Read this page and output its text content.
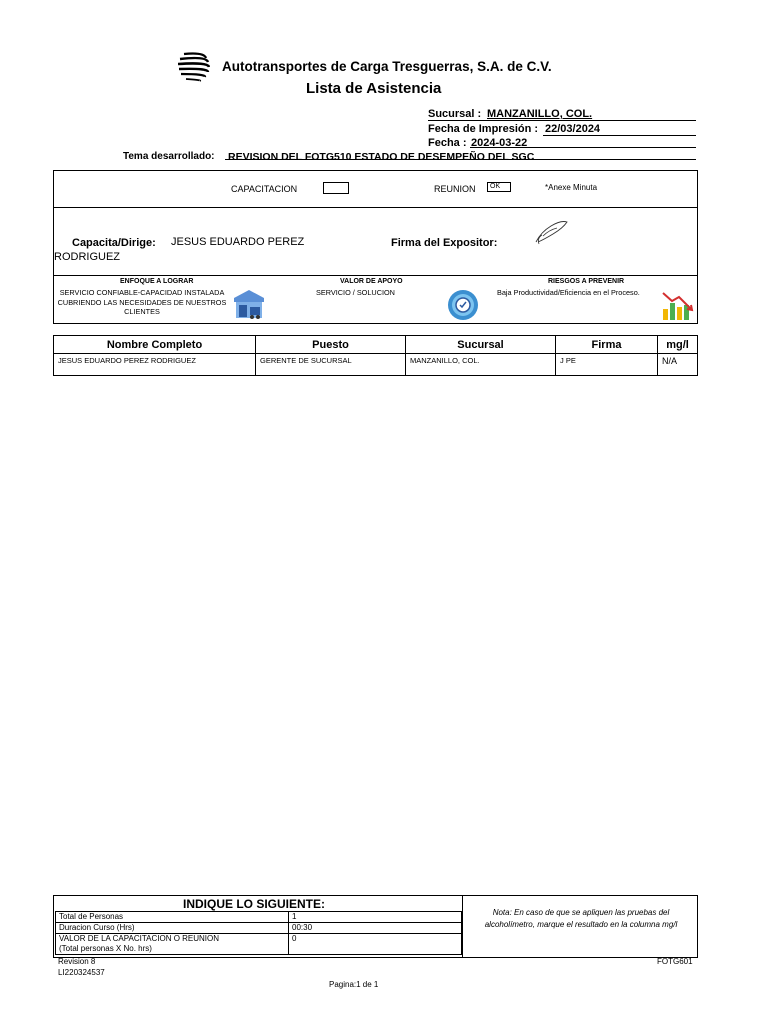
Autotransportes de Carga Tresguerras, S.A. de C.V.
Lista de Asistencia
Sucursal : MANZANILLO, COL.
Fecha de Impresión : 22/03/2024
Fecha : 2024-03-22
Tema desarrollado: REVISION DEL FOTG510 ESTADO DE DESEMPEÑO DEL SGC
CAPACITACION	REUNION	OK	*Anexe Minuta
Capacita/Dirige: JESUS EDUARDO PEREZ
RODRIGUEZ
Firma del Expositor:
ENFOQUE A LOGRAR
SERVICIO CONFIABLE-CAPACIDAD INSTALADA CUBRIENDO LAS NECESIDADES DE NUESTROS CLIENTES
VALOR DE APOYO
SERVICIO / SOLUCION
RIESGOS A PREVENIR
Baja Productividad/Eficiencia en el Proceso.
Nombre Completo	Puesto	Sucursal	Firma	mg/l
JESUS EDUARDO PEREZ RODRIGUEZ	GERENTE DE SUCURSAL	MANZANILLO, COL.	J PE	N/A
INDIQUE LO SIGUIENTE:
Nota: En caso de que se apliquen las pruebas del alcoholímetro, marque el resultado en la columna mg/l
Total de Personas	1
Duracion Curso (Hrs)	00:30

VALOR DE LA CAPACITACION O REUNION
(Total personas X No. hrs)	0
Revision 8
LI220324537
FOTG601
Pagina:1 de 1
